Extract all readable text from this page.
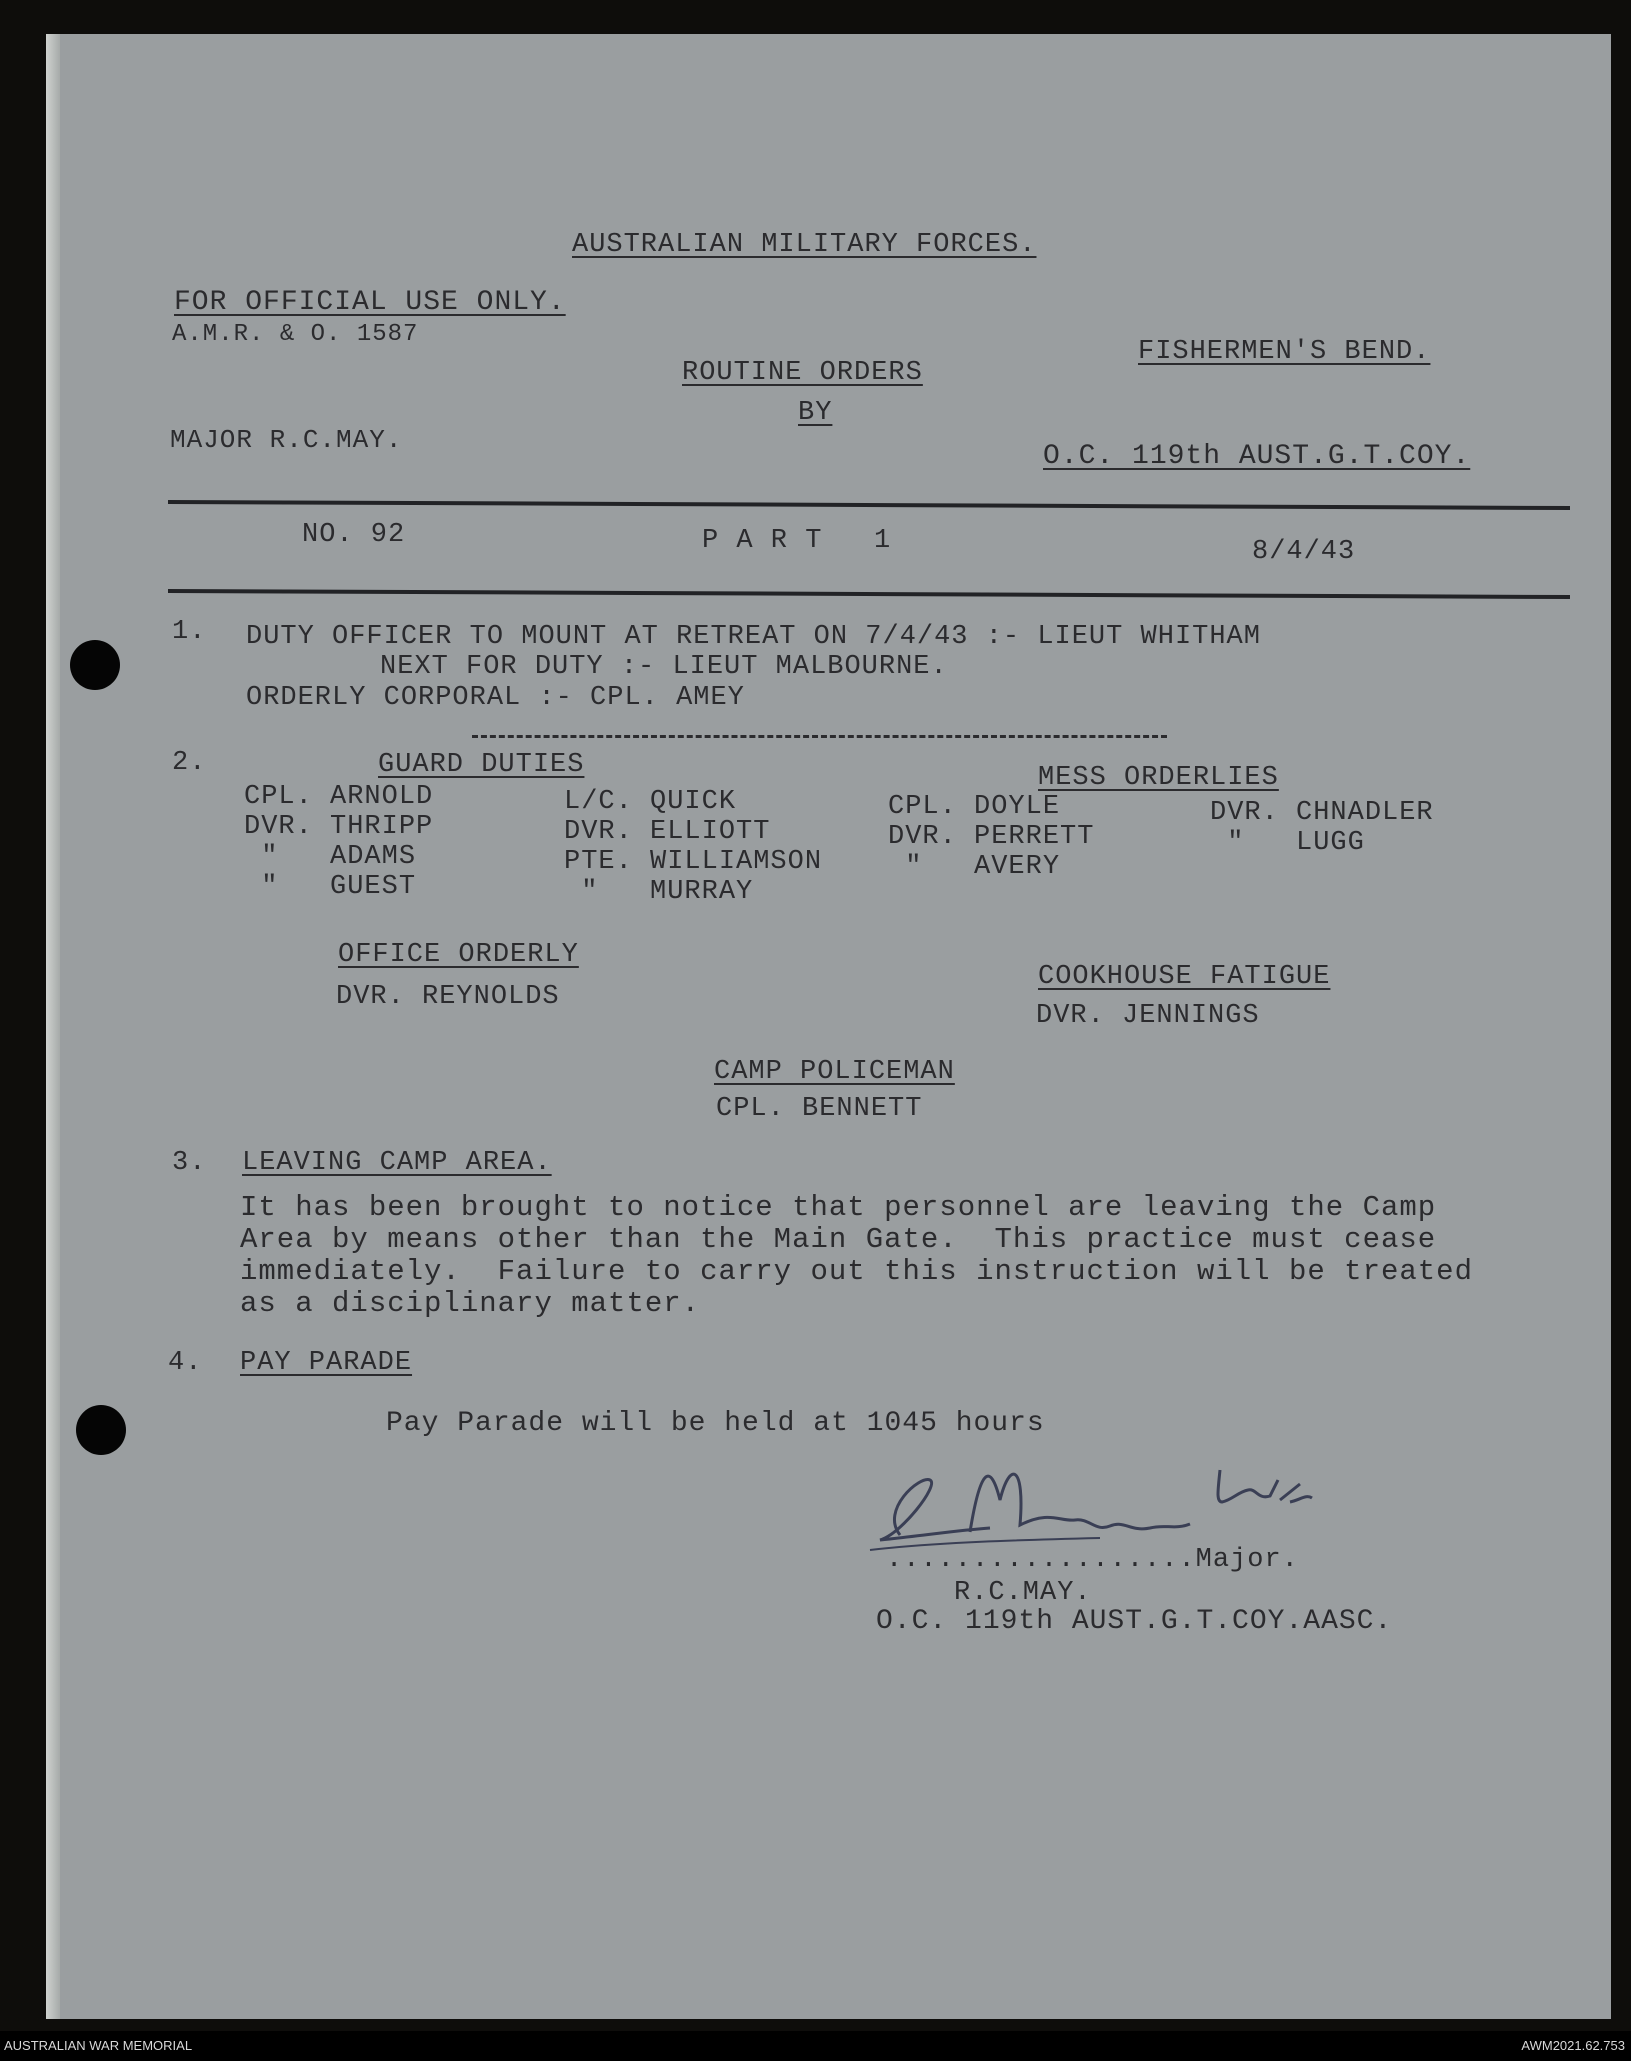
AUSTRALIAN MILITARY FORCES.
FOR OFFICIAL USE ONLY.
A.M.R. & O. 1587
FISHERMEN'S BEND.
ROUTINE ORDERS
BY
MAJOR R.C.MAY.
O.C. 119th AUST.G.T.COY.
NO. 92	P A R T   1	8/4/43
1. DUTY OFFICER TO MOUNT AT RETREAT ON 7/4/43 :- LIEUT WHITHAM
NEXT FOR DUTY :- LIEUT MALBOURNE.
ORDERLY CORPORAL :- CPL. AMEY
2.	GUARD DUTIES	MESS ORDERLIES
CPL. ARNOLD
DVR. THRIPP
"   ADAMS
"   GUEST
L/C. QUICK
DVR. ELLIOTT
PTE. WILLIAMSON
"   MURRAY
CPL. DOYLE
DVR. PERRETT
"   AVERY
DVR. CHNADLER
"   LUGG
OFFICE ORDERLY
DVR. REYNOLDS
COOKHOUSE FATIGUE
DVR. JENNINGS
CAMP POLICEMAN
CPL. BENNETT
3. LEAVING CAMP AREA.
It has been brought to notice that personnel are leaving the Camp
Area by means other than the Main Gate.  This practice must cease
immediately.  Failure to carry out this instruction will be treated
as a disciplinary matter.
4. PAY PARADE
Pay Parade will be held at 1045 hours
..................Major.
R.C.MAY.
O.C. 119th AUST.G.T.COY.AASC.
AUSTRALIAN WAR MEMORIAL	AWM2021.62.753
